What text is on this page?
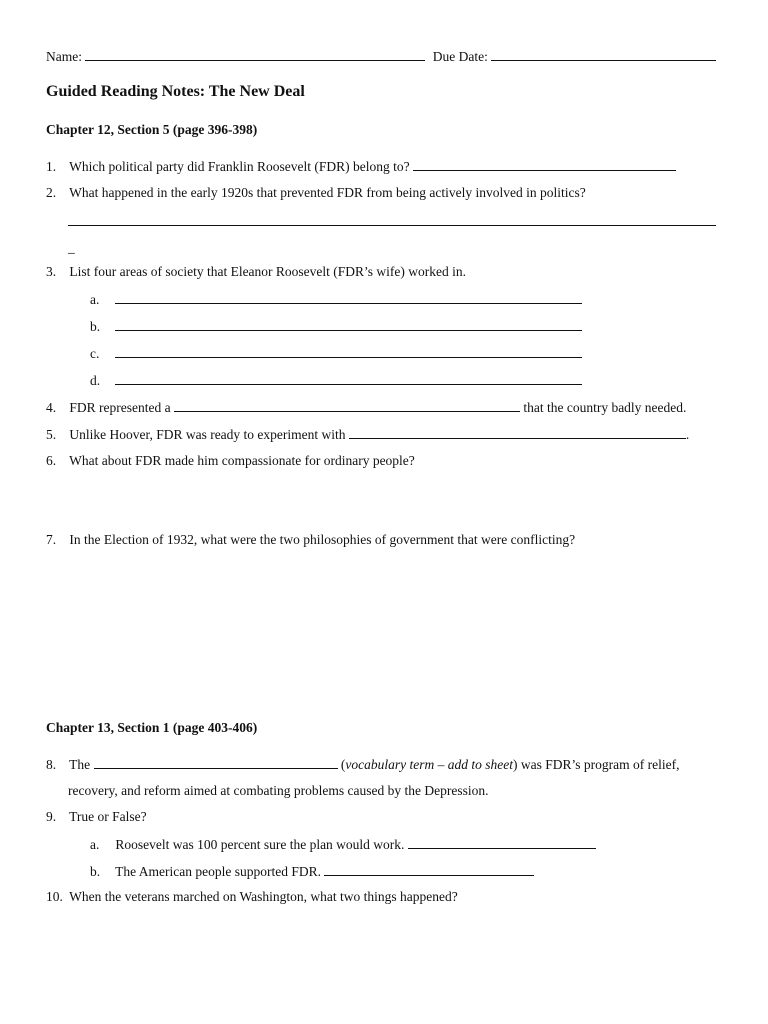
Name:	Due Date:
Guided Reading Notes: The New Deal
Chapter 12, Section 5 (page 396-398)
1. Which political party did Franklin Roosevelt (FDR) belong to?
2. What happened in the early 1920s that prevented FDR from being actively involved in politics?
_
3. List four areas of society that Eleanor Roosevelt (FDR’s wife) worked in.
a.
b.
c.
d.
4. FDR represented a	that the country badly needed.
5. Unlike Hoover, FDR was ready to experiment with	.
6. What about FDR made him compassionate for ordinary people?
7. In the Election of 1932, what were the two philosophies of government that were conflicting?
Chapter 13, Section 1 (page 403-406)
8. The	(vocabulary term – add to sheet) was FDR’s program of relief,
recovery, and reform aimed at combating problems caused by the Depression.
9. True or False?
a. Roosevelt was 100 percent sure the plan would work.
b. The American people supported FDR.
10. When the veterans marched on Washington, what two things happened?
